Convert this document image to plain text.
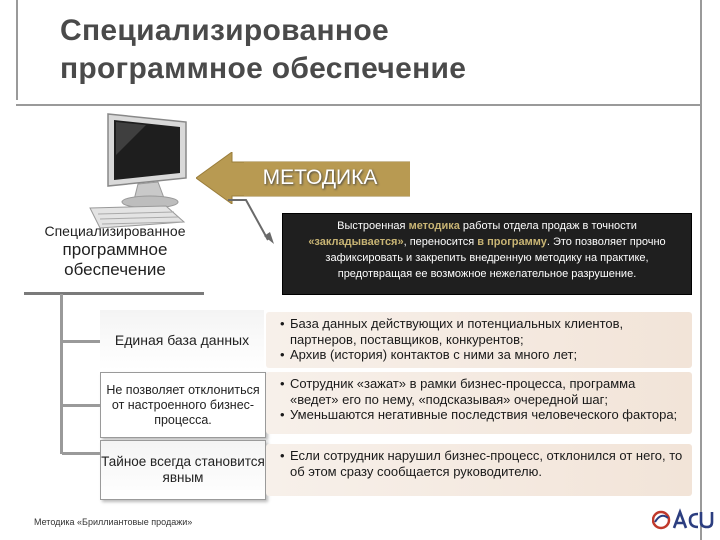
Специализированное
программное обеспечение
Специализированное
программное
обеспечение
МЕТОДИКА
Выстроенная методика работы отдела продаж в точности «закладывается», переносится в программу. Это позволяет прочно зафиксировать и закрепить внедренную методику на практике, предотвращая ее возможное нежелательное разрушение.
Единая база данных
Не позволяет отклониться от настроенного бизнес-процесса.
Тайное всегда становится явным
• База данных действующих и потенциальных клиентов, партнеров, поставщиков, конкурентов;
• Архив (история) контактов с ними за много лет;
• Сотрудник «зажат» в рамки бизнес-процесса, программа «ведет» его по нему, «подсказывая» очередной шаг;
• Уменьшаются негативные последствия человеческого фактора;
• Если сотрудник нарушил бизнес-процесс, отклонился от него, то об этом сразу сообщается руководителю.
Методика «Бриллиантовые продажи»
